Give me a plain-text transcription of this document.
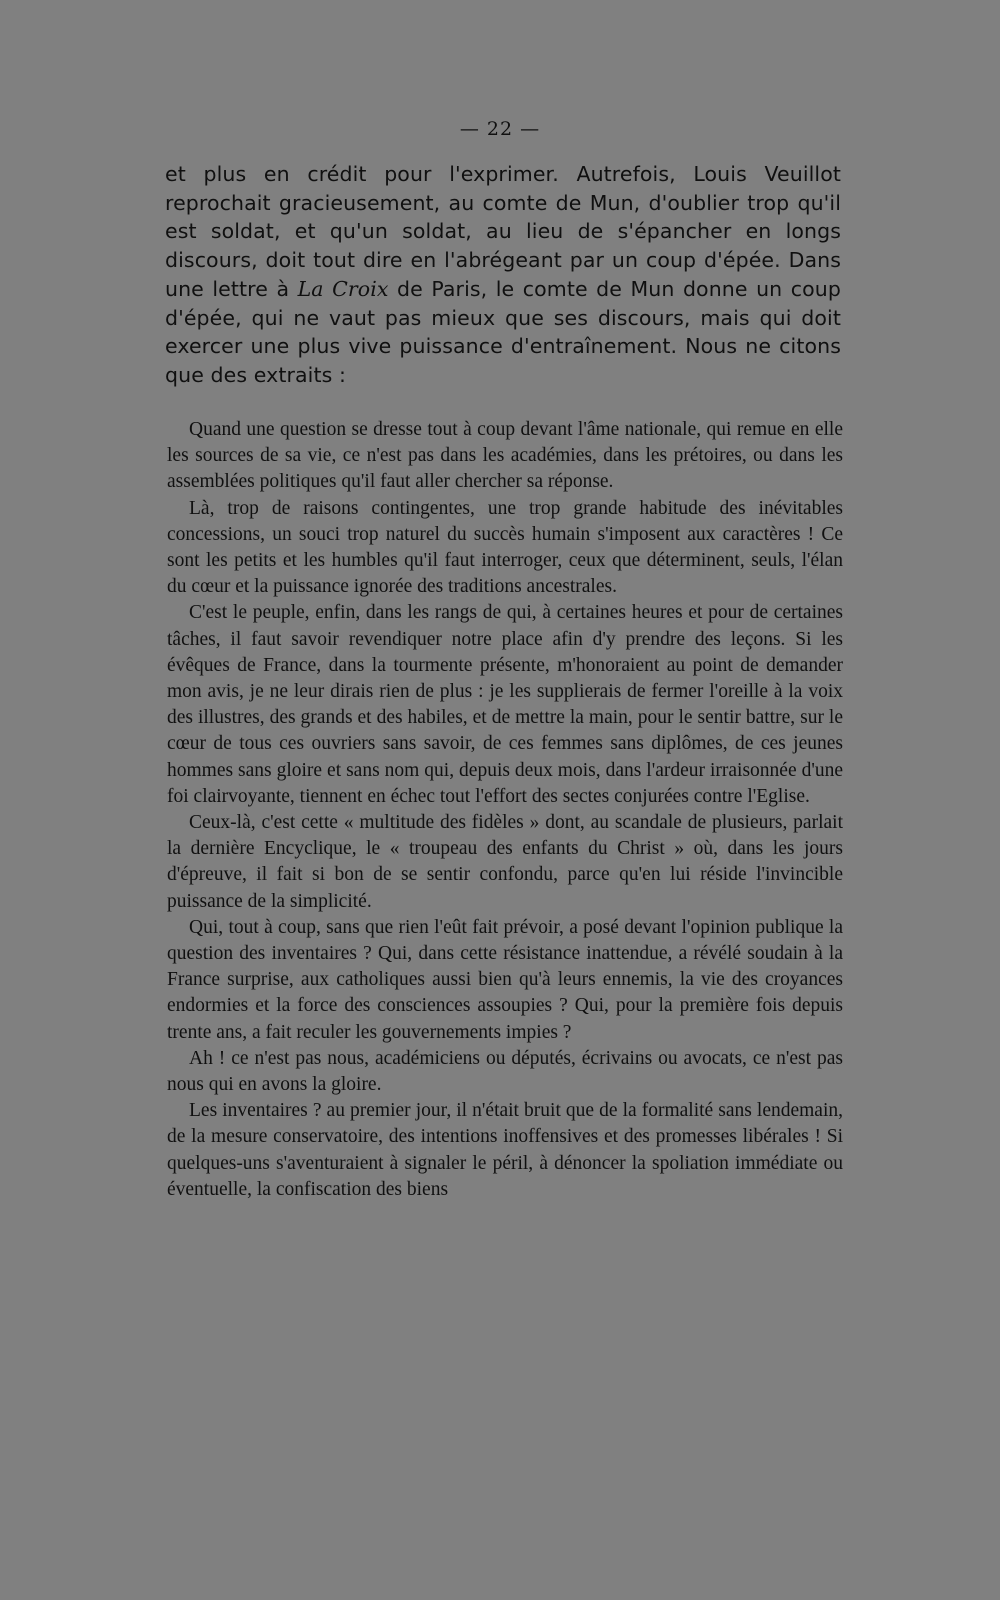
— 22 —

et plus en crédit pour l'exprimer. Autrefois, Louis Veuillot reprochait gracieusement, au comte de Mun, d'oublier trop qu'il est soldat, et qu'un soldat, au lieu de s'épancher en longs discours, doit tout dire en l'abrégeant par un coup d'épée. Dans une lettre à La Croix de Paris, le comte de Mun donne un coup d'épée, qui ne vaut pas mieux que ses discours, mais qui doit exercer une plus vive puissance d'entraînement. Nous ne citons que des extraits :

Quand une question se dresse tout à coup devant l'âme nationale, qui remue en elle les sources de sa vie, ce n'est pas dans les académies, dans les prétoires, ou dans les assemblées politiques qu'il faut aller chercher sa réponse.

Là, trop de raisons contingentes, une trop grande habitude des inévitables concessions, un souci trop naturel du succès humain s'imposent aux caractères ! Ce sont les petits et les humbles qu'il faut interroger, ceux que déterminent, seuls, l'élan du cœur et la puissance ignorée des traditions ancestrales.

C'est le peuple, enfin, dans les rangs de qui, à certaines heures et pour de certaines tâches, il faut savoir revendiquer notre place afin d'y prendre des leçons. Si les évêques de France, dans la tourmente présente, m'honoraient au point de demander mon avis, je ne leur dirais rien de plus : je les supplierais de fermer l'oreille à la voix des illustres, des grands et des habiles, et de mettre la main, pour le sentir battre, sur le cœur de tous ces ouvriers sans savoir, de ces femmes sans diplômes, de ces jeunes hommes sans gloire et sans nom qui, depuis deux mois, dans l'ardeur irraisonnée d'une foi clairvoyante, tiennent en échec tout l'effort des sectes conjurées contre l'Eglise.

Ceux-là, c'est cette « multitude des fidèles » dont, au scandale de plusieurs, parlait la dernière Encyclique, le « troupeau des enfants du Christ » où, dans les jours d'épreuve, il fait si bon de se sentir confondu, parce qu'en lui réside l'invincible puissance de la simplicité.

Qui, tout à coup, sans que rien l'eût fait prévoir, a posé devant l'opinion publique la question des inventaires ? Qui, dans cette résistance inattendue, a révélé soudain à la France surprise, aux catholiques aussi bien qu'à leurs ennemis, la vie des croyances endormies et la force des consciences assoupies ? Qui, pour la première fois depuis trente ans, a fait reculer les gouvernements impies ?

Ah ! ce n'est pas nous, académiciens ou députés, écrivains ou avocats, ce n'est pas nous qui en avons la gloire.

Les inventaires ? au premier jour, il n'était bruit que de la formalité sans lendemain, de la mesure conservatoire, des intentions inoffensives et des promesses libérales ! Si quelques-uns s'aventuraient à signaler le péril, à dénoncer la spoliation immédiate ou éventuelle, la confiscation des biens
